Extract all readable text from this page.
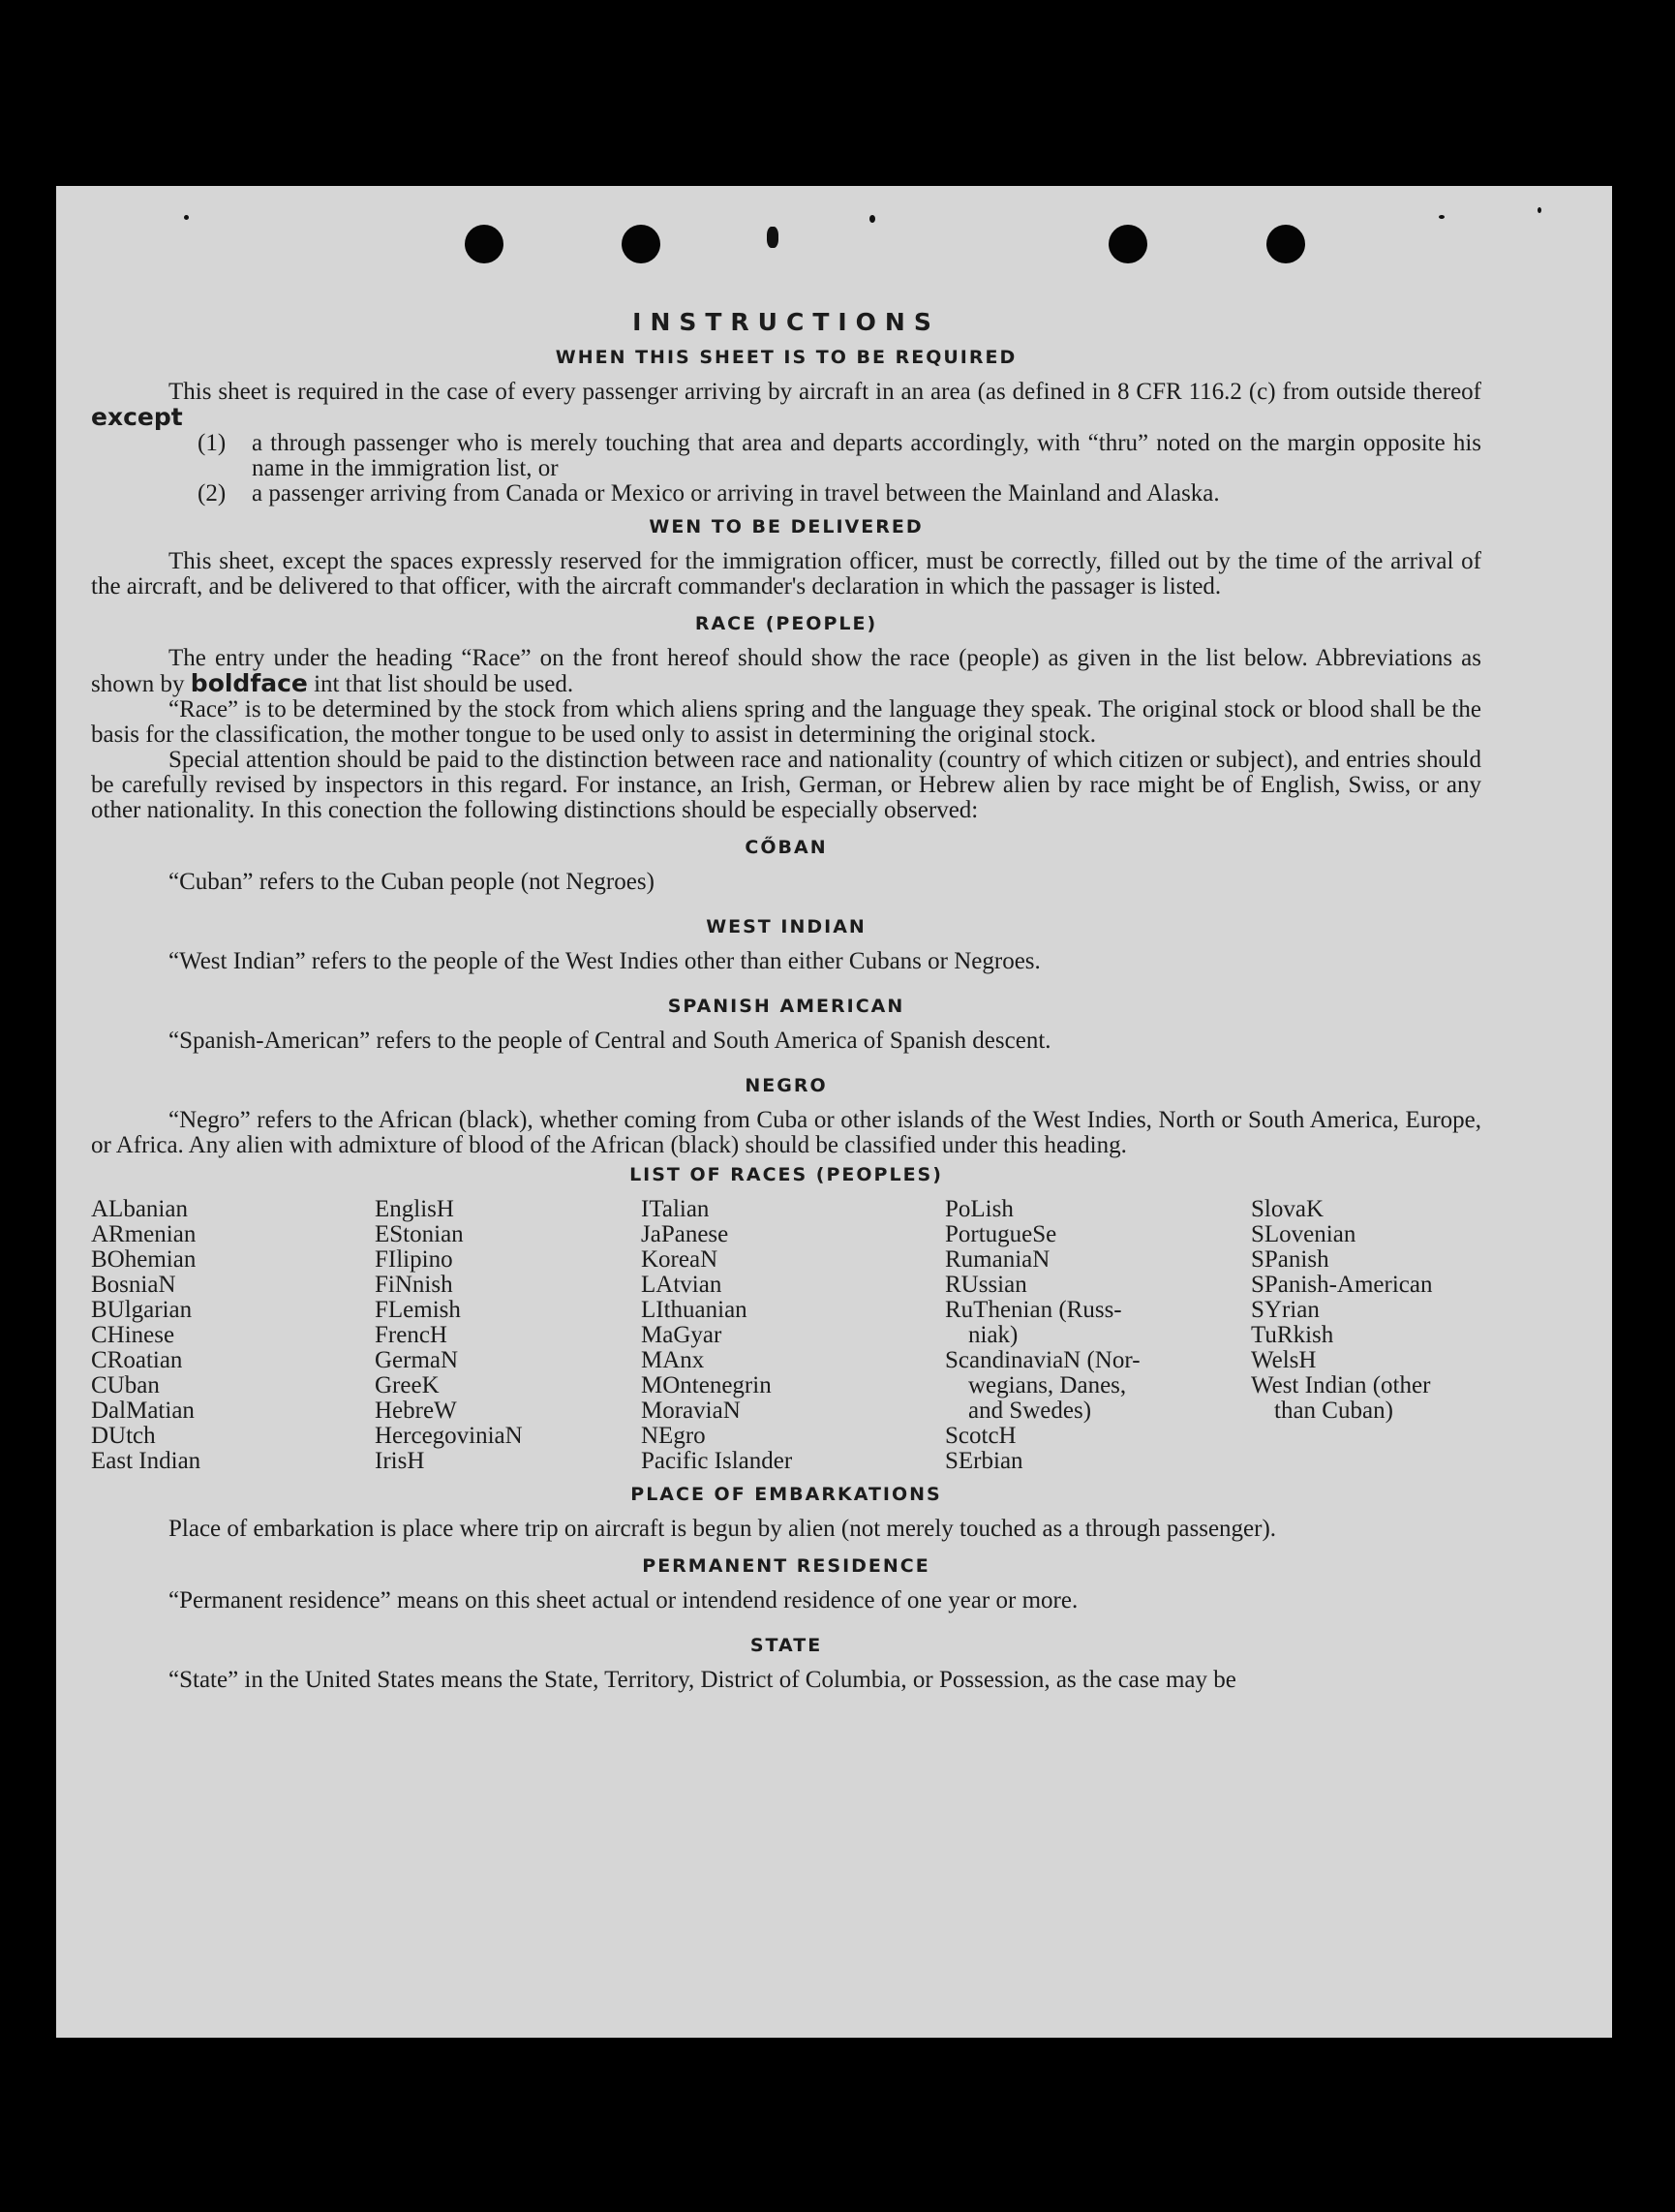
INSTRUCTIONS
WHEN THIS SHEET IS TO BE REQUIRED

This sheet is required in the case of every passenger arriving by aircraft in an area (as defined in 8 CFR 116.2 (c) from outside thereof except

(1)	a through passenger who is merely touching that area and departs accordingly, with “thru” noted on the margin opposite his name in the immigration list, or
(2)	a passenger arriving from Canada or Mexico or arriving in travel between the Mainland and Alaska.
WEN TO BE DELIVERED

This sheet, except the spaces expressly reserved for the immigration officer, must be correctly, filled out by the time of the arrival of the aircraft, and be delivered to that officer, with the aircraft commander's declaration in which the passager is listed.

RACE (PEOPLE)

The entry under the heading “Race” on the front hereof should show the race (people) as given in the list below. Abbreviations as shown by boldface int that list should be used.

“Race” is to be determined by the stock from which aliens spring and the language they speak. The original stock or blood shall be the basis for the classification, the mother tongue to be used only to assist in determining the original stock.

Special attention should be paid to the distinction between race and nationality (country of which citizen or subject), and entries should be carefully revised by inspectors in this regard. For instance, an Irish, German, or Hebrew alien by race might be of English, Swiss, or any other nationality. In this conection the following distinctions should be especially observed:

CŐBAN

“Cuban” refers to the Cuban people (not Negroes)

WEST INDIAN

“West Indian” refers to the people of the West Indies other than either Cubans or Negroes.

SPANISH AMERICAN

“Spanish-American” refers to the people of Central and South America of Spanish descent.

NEGRO

“Negro” refers to the African (black), whether coming from Cuba or other islands of the West Indies, North or South America, Europe, or Africa. Any alien with admixture of blood of the African (black) should be classified under this heading.

LIST OF RACES (PEOPLES)
ALbanian
ARmenian
BOhemian
BosniaN
BUlgarian
CHinese
CRoatian
CUban
DalMatian
DUtch
East Indian
EnglisH
EStonian
FIlipino
FiNnish
FLemish
FrencH
GermaN
GreeK
HebreW
HercegoviniaN
IrisH
ITalian
JaPanese
KoreaN
LAtvian
LIthuanian
MaGyar
MAnx
MOntenegrin
MoraviaN
NEgro
Pacific Islander
PoLish
PortugueSe
RumaniaN
RUssian
RuThenian (Russ-
niak)
ScandinaviaN (Nor-
wegians, Danes,
and Swedes)
ScotcH
SErbian
SlovaK
SLovenian
SPanish
SPanish-American
SYrian
TuRkish
WelsH
West Indian (other
than Cuban)
PLACE OF EMBARKATIONS

Place of embarkation is place where trip on aircraft is begun by alien (not merely touched as a through passenger).

PERMANENT RESIDENCE

“Permanent residence” means on this sheet actual or intendend residence of one year or more.

STATE

“State” in the United States means the State, Territory, District of Columbia, or Possession, as the case may be
